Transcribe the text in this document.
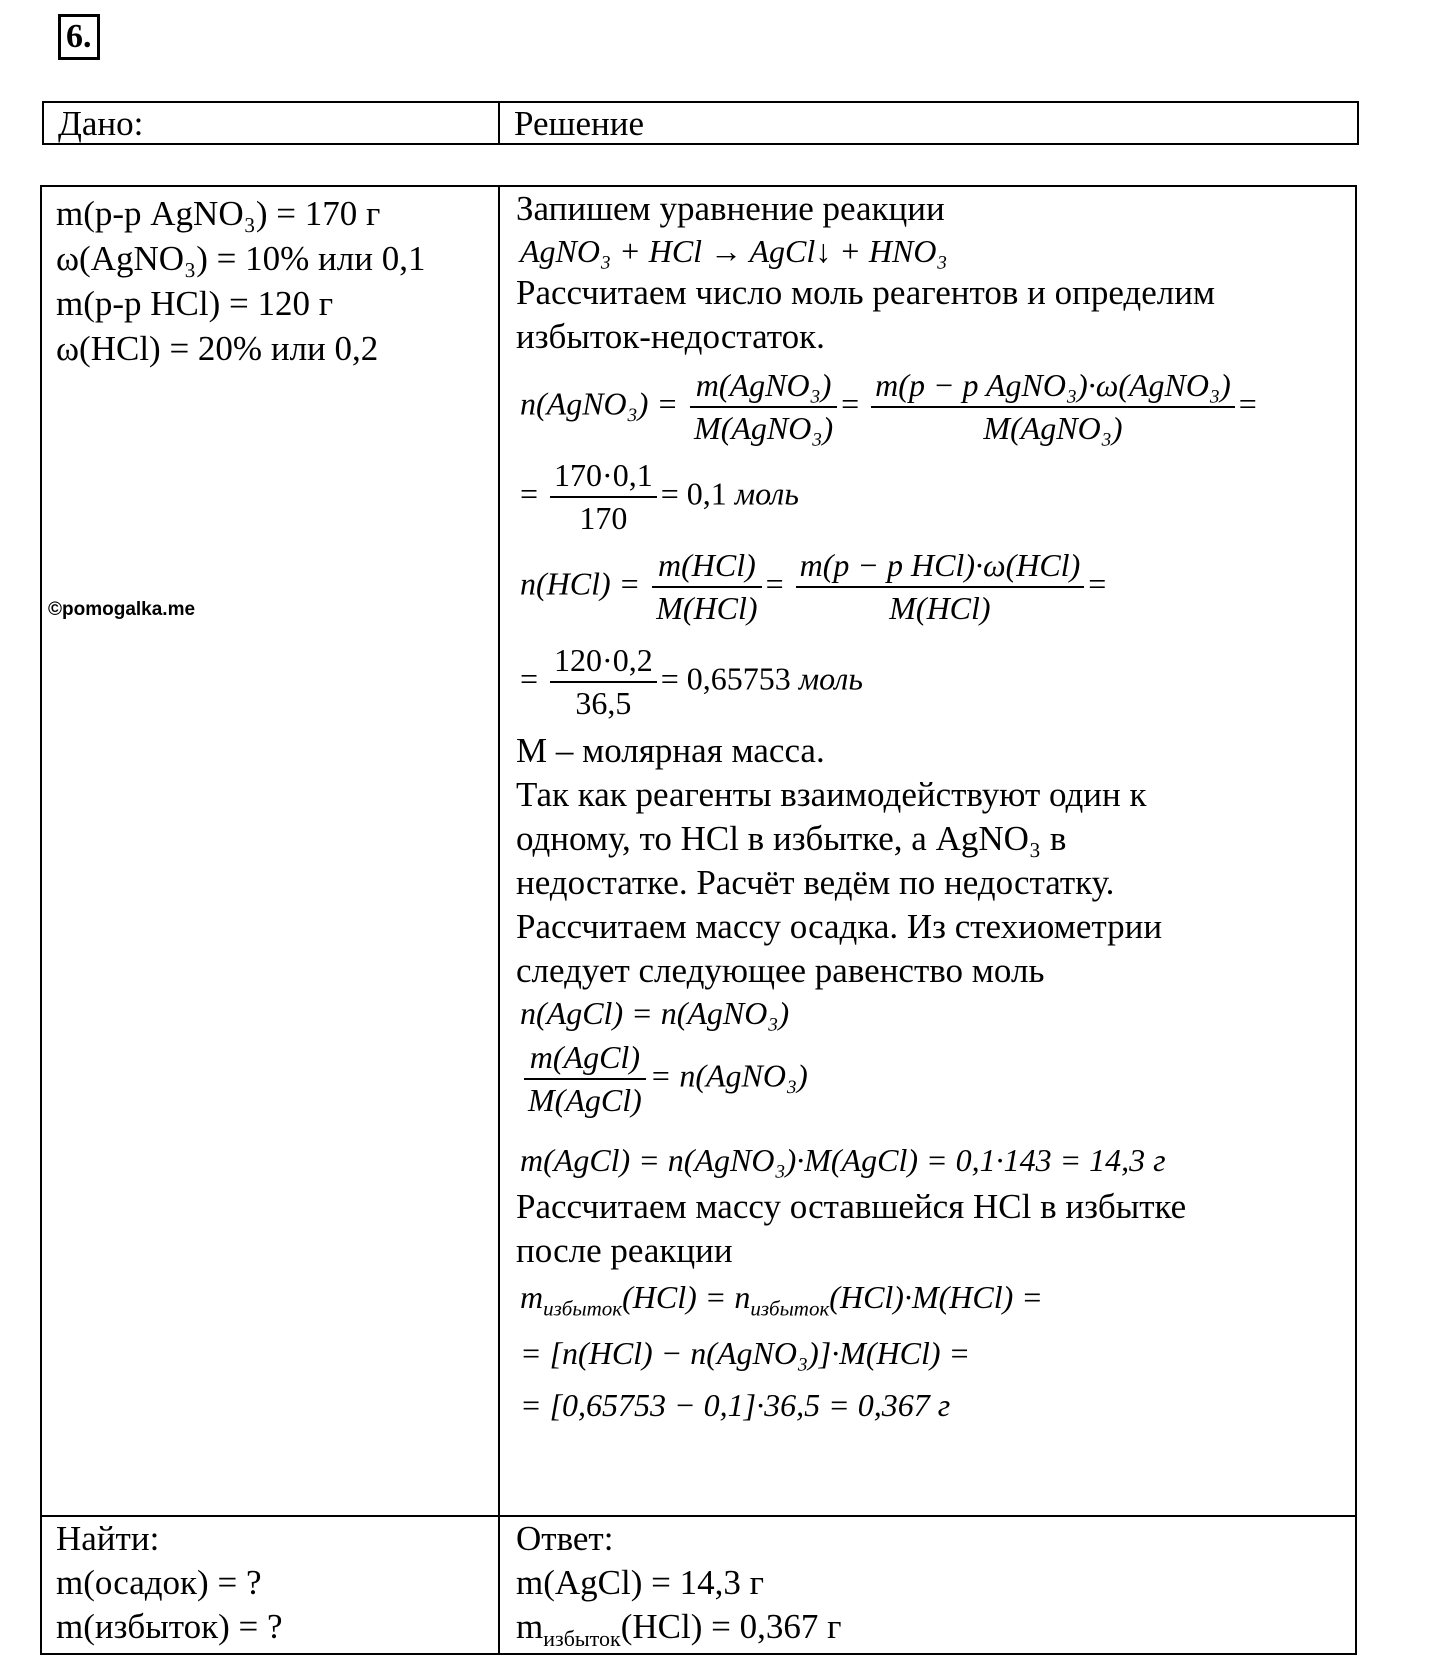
6.
Дано:	Решение
m(р-р AgNO₃) = 170 г
ω(AgNO₃) = 10% или 0,1
m(р-р HCl) = 120 г
ω(HCl) = 20% или 0,2
©pomogalka.me
Запишем уравнение реакции
AgNO₃ + HCl → AgCl↓ + HNO₃
Рассчитаем число моль реагентов и определим
избыток-недостаток.
n(AgNO₃) =
m(AgNO₃)
M(AgNO₃)
=
m(p − p AgNO₃)·ω(AgNO₃)
M(AgNO₃)
=
= $\frac{170\cdot 0,1}{170} = 0,1$ моль
n(HCl) =
m(HCl)
M(HCl)
=
m(p − p HCl)·ω(HCl)
M(HCl)
=
= $\frac{120\cdot 0,2}{36,5} = 0,65753$ моль
M – молярная масса.
Так как реагенты взаимодействуют один к
одному, то HCl в избытке, а AgNO₃ в
недостатке. Расчёт ведём по недостатку.
Рассчитаем массу осадка. Из стехиометрии
следует следующее равенство моль
n(AgCl) = n(AgNO₃)
m(AgCl)
M(AgCl)
= n(AgNO₃)
m(AgCl) = n(AgNO₃)·M(AgCl) = 0,1·143 = 14,3 г
Рассчитаем массу оставшейся HCl в избытке
после реакции
$m_{избыток}(HCl) = n_{избыток}(HCl)\cdot M(HCl)$ =
= [n(HCl) − n(AgNO₃)]·M(HCl) =
= [0,65753 − 0,1]·36,5 = 0,367 г
Найти:
m(осадок) = ?
m(избыток) = ?
Ответ:
m(AgCl) = 14,3 г
$m_{избыток}(HCl) = 0,367$ г
